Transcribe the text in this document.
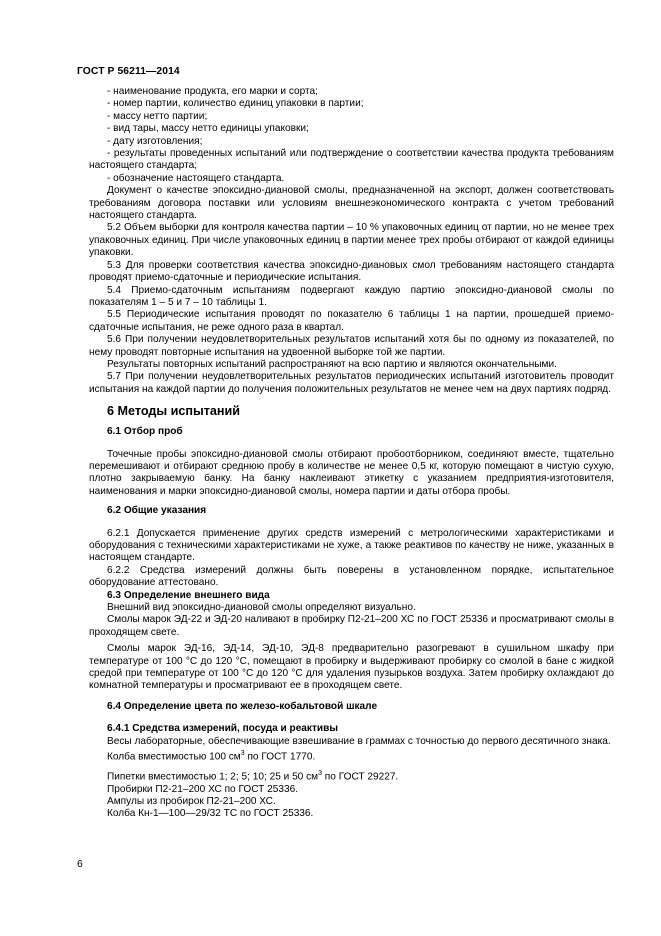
ГОСТ Р 56211—2014

- наименование продукта, его марки и сорта;

- номер партии, количество единиц упаковки в партии;

- массу нетто партии;

- вид тары, массу нетто единицы упаковки;

- дату изготовления;

- результаты проведенных испытаний или подтверждение о соответствии качества продукта требованиям настоящего стандарта;

- обозначение настоящего стандарта.

Документ о качестве эпоксидно-диановой смолы, предназначенной на экспорт, должен соответствовать требованиям договора поставки или условиям внешнеэкономического контракта с учетом требований настоящего стандарта.

5.2 Объем выборки для контроля качества партии – 10 % упаковочных единиц от партии, но не менее трех упаковочных единиц. При числе упаковочных единиц в партии менее трех пробы отбирают от каждой единицы упаковки.

5.3 Для проверки соответствия качества эпоксидно-диановых смол требованиям настоящего стандарта проводят приемо-сдаточные и периодические испытания.

5.4 Приемо-сдаточным испытаниям подвергают каждую партию эпоксидно-диановой смолы по показателям 1 – 5 и 7 – 10 таблицы 1.

5.5 Периодические испытания проводят по показателю 6 таблицы 1 на партии, прошедшей приемо-сдаточные испытания, не реже одного раза в квартал.

5.6 При получении неудовлетворительных результатов испытаний хотя бы по одному из показателей, по нему проводят повторные испытания на удвоенной выборке той же партии.

Результаты повторных испытаний распространяют на всю партию и являются окончательными.

5.7 При получении неудовлетворительных результатов периодических испытаний изготовитель проводит испытания на каждой партии до получения положительных результатов не менее чем на двух партиях подряд.

6 Методы испытаний

6.1 Отбор проб

Точечные пробы эпоксидно-диановой смолы отбирают пробоотборником, соединяют вместе, тщательно перемешивают и отбирают среднюю пробу в количестве не менее 0,5 кг, которую помещают в чистую сухую, плотно закрываемую банку. На банку наклеивают этикетку с указанием предприятия-изготовителя, наименования и марки эпоксидно-диановой смолы, номера партии и даты отбора пробы.

6.2 Общие указания

6.2.1 Допускается применение других средств измерений с метрологическими характеристиками и оборудования с техническими характеристиками не хуже, а также реактивов по качеству не ниже, указанных в настоящем стандарте.

6.2.2 Средства измерений должны быть поверены в установленном порядке, испытательное оборудование аттестовано.

6.3 Определение внешнего вида

Внешний вид эпоксидно-диановой смолы определяют визуально.

Смолы марок ЭД-22 и ЭД-20 наливают в пробирку П2-21–200 ХС по ГОСТ 25336 и просматривают смолы в проходящем свете.

Смолы марок ЭД-16, ЭД-14, ЭД-10, ЭД-8 предварительно разогревают в сушильном шкафу при температуре от 100 °С до 120 °С, помещают в пробирку и выдерживают пробирку со смолой в бане с жидкой средой при температуре от 100 °С до 120 °С для удаления пузырьков воздуха. Затем пробирку охлаждают до комнатной температуры и просматривают ее в проходящем свете.

6.4 Определение цвета по железо-кобальтовой шкале

6.4.1 Средства измерений, посуда и реактивы

Весы лабораторные, обеспечивающие взвешивание в граммах с точностью до первого десятичного знака.

Колба вместимостью 100 $см^3$ по ГОСТ 1770.

Пипетки вместимостью 1; 2; 5; 10; 25 и 50 $см^3$ по ГОСТ 29227.

Пробирки П2-21–200 ХС по ГОСТ 25336.

Ампулы из пробирок П2-21–200 ХС.

Колба Кн-1—100—29/32 ТС по ГОСТ 25336.

6
